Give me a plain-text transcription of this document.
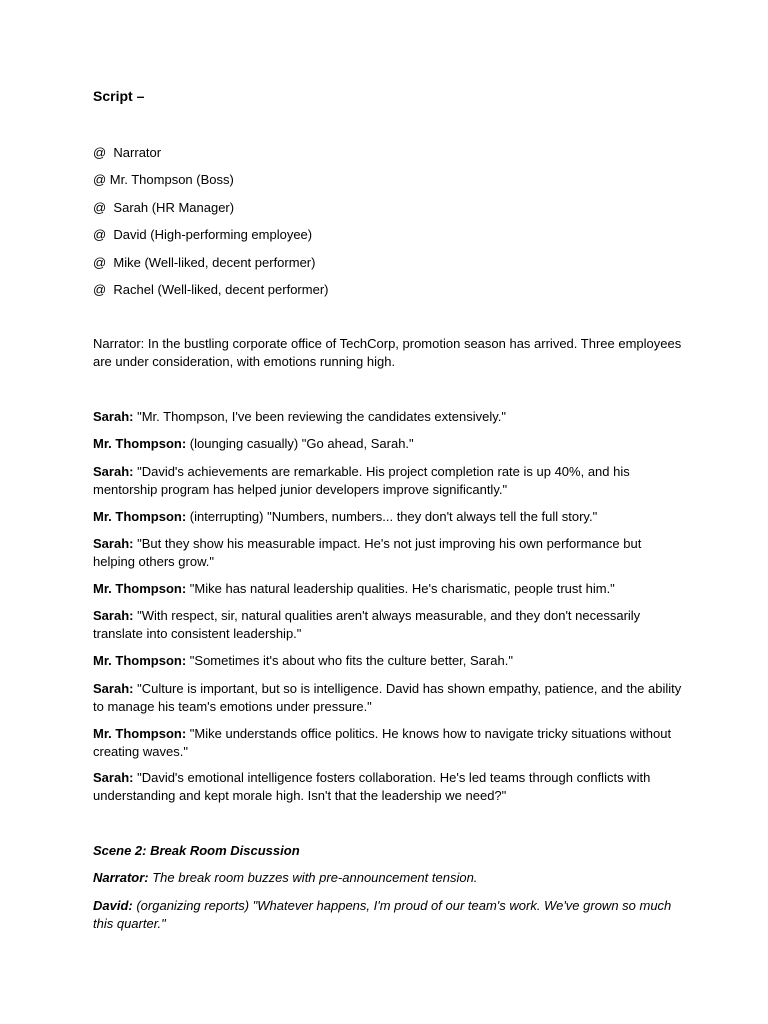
Script –
@  Narrator
@ Mr. Thompson (Boss)
@  Sarah (HR Manager)
@  David (High-performing employee)
@  Mike (Well-liked, decent performer)
@  Rachel (Well-liked, decent performer)

Narrator: In the bustling corporate office of TechCorp, promotion season has arrived. Three employees are under consideration, with emotions running high.

Sarah: "Mr. Thompson, I've been reviewing the candidates extensively."

Mr. Thompson: (lounging casually) "Go ahead, Sarah."

Sarah: "David's achievements are remarkable. His project completion rate is up 40%, and his mentorship program has helped junior developers improve significantly."

Mr. Thompson: (interrupting) "Numbers, numbers... they don't always tell the full story."

Sarah: "But they show his measurable impact. He's not just improving his own performance but helping others grow."

Mr. Thompson: "Mike has natural leadership qualities. He's charismatic, people trust him."

Sarah: "With respect, sir, natural qualities aren't always measurable, and they don't necessarily translate into consistent leadership."

Mr. Thompson: "Sometimes it's about who fits the culture better, Sarah."

Sarah: "Culture is important, but so is intelligence. David has shown empathy, patience, and the ability to manage his team's emotions under pressure."

Mr. Thompson: "Mike understands office politics. He knows how to navigate tricky situations without creating waves."

Sarah: "David's emotional intelligence fosters collaboration. He's led teams through conflicts with understanding and kept morale high. Isn't that the leadership we need?"

Scene 2: Break Room Discussion

Narrator: The break room buzzes with pre-announcement tension.

David: (organizing reports) "Whatever happens, I'm proud of our team's work. We've grown so much this quarter."
